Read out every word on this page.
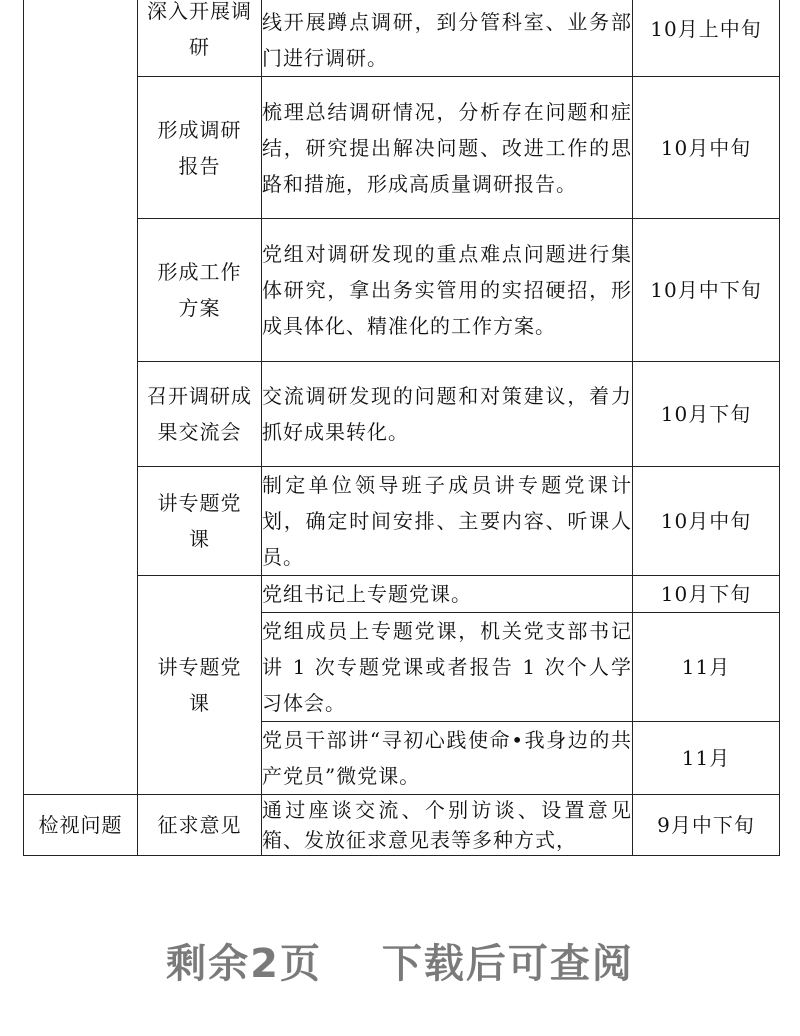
	深入开展调研	线开展蹲点调研，到分管科室、业务部门进行调研。	10月上中旬

	形成调研报告	梳理总结调研情况，分析存在问题和症结，研究提出解决问题、改进工作的思路和措施，形成高质量调研报告。	10月中旬

	形成工作方案	党组对调研发现的重点难点问题进行集体研究，拿出务实管用的实招硬招，形成具体化、精准化的工作方案。	10月中下旬

	召开调研成果交流会	交流调研发现的问题和对策建议，着力抓好成果转化。	10月下旬

	讲专题党课	制定单位领导班子成员讲专题党课计划，确定时间安排、主要内容、听课人员。	10月中旬

	讲专题党课	党组书记上专题党课。	10月下旬

		党组成员上专题党课，机关党支部书记讲 1 次专题党课或者报告 1 次个人学习体会。	11月

		党员干部讲“寻初心践使命•我身边的共产党员”微党课。	11月

检视问题	征求意见	通过座谈交流、个别访谈、设置意见箱、发放征求意见表等多种方式，	9月中下旬
剩余2页 下载后可查阅
